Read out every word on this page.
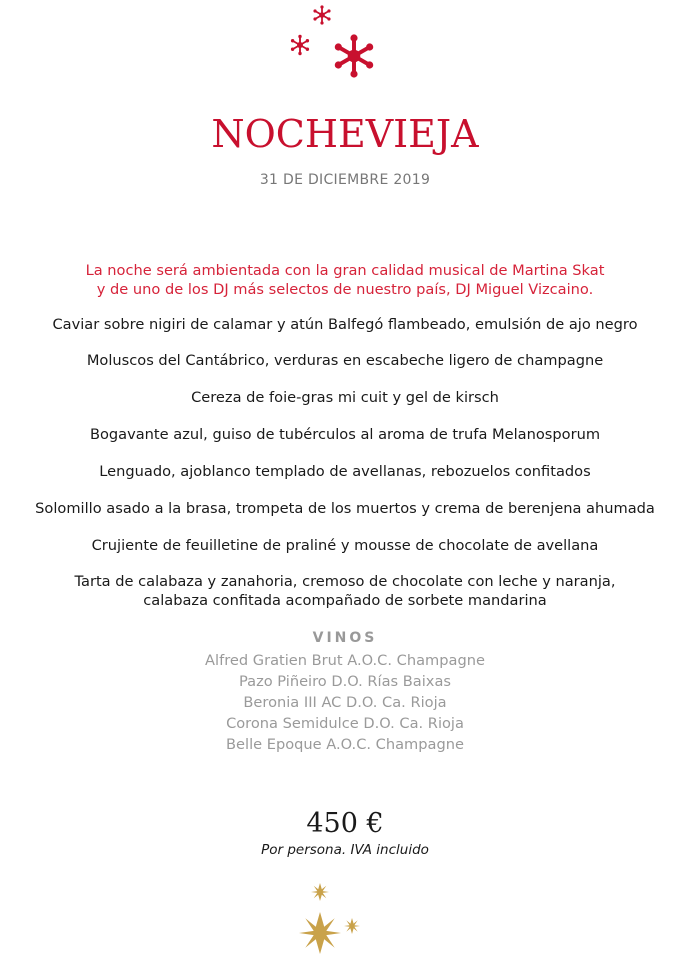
NOCHEVIEJA
31 DE DICIEMBRE 2019
La noche será ambientada con la gran calidad musical de Martina Skat
y de uno de los DJ más selectos de nuestro país, DJ Miguel Vizcaino.
Caviar sobre nigiri de calamar y atún Balfegó flambeado, emulsión de ajo negro
Moluscos del Cantábrico, verduras en escabeche ligero de champagne
Cereza de foie-gras mi cuit y gel de kirsch
Bogavante azul, guiso de tubérculos al aroma de trufa Melanosporum
Lenguado, ajoblanco templado de avellanas, rebozuelos confitados
Solomillo asado a la brasa, trompeta de los muertos y crema de berenjena ahumada
Crujiente de feuilletine de praliné y mousse de chocolate de avellana
Tarta de calabaza y zanahoria, cremoso de chocolate con leche y naranja,
calabaza confitada acompañado de sorbete mandarina
VINOS
Alfred Gratien Brut A.O.C. Champagne
Pazo Piñeiro D.O. Rías Baixas
Beronia III AC D.O. Ca. Rioja
Corona Semidulce D.O. Ca. Rioja
Belle Epoque A.O.C. Champagne
450 €
Por persona. IVA incluido
